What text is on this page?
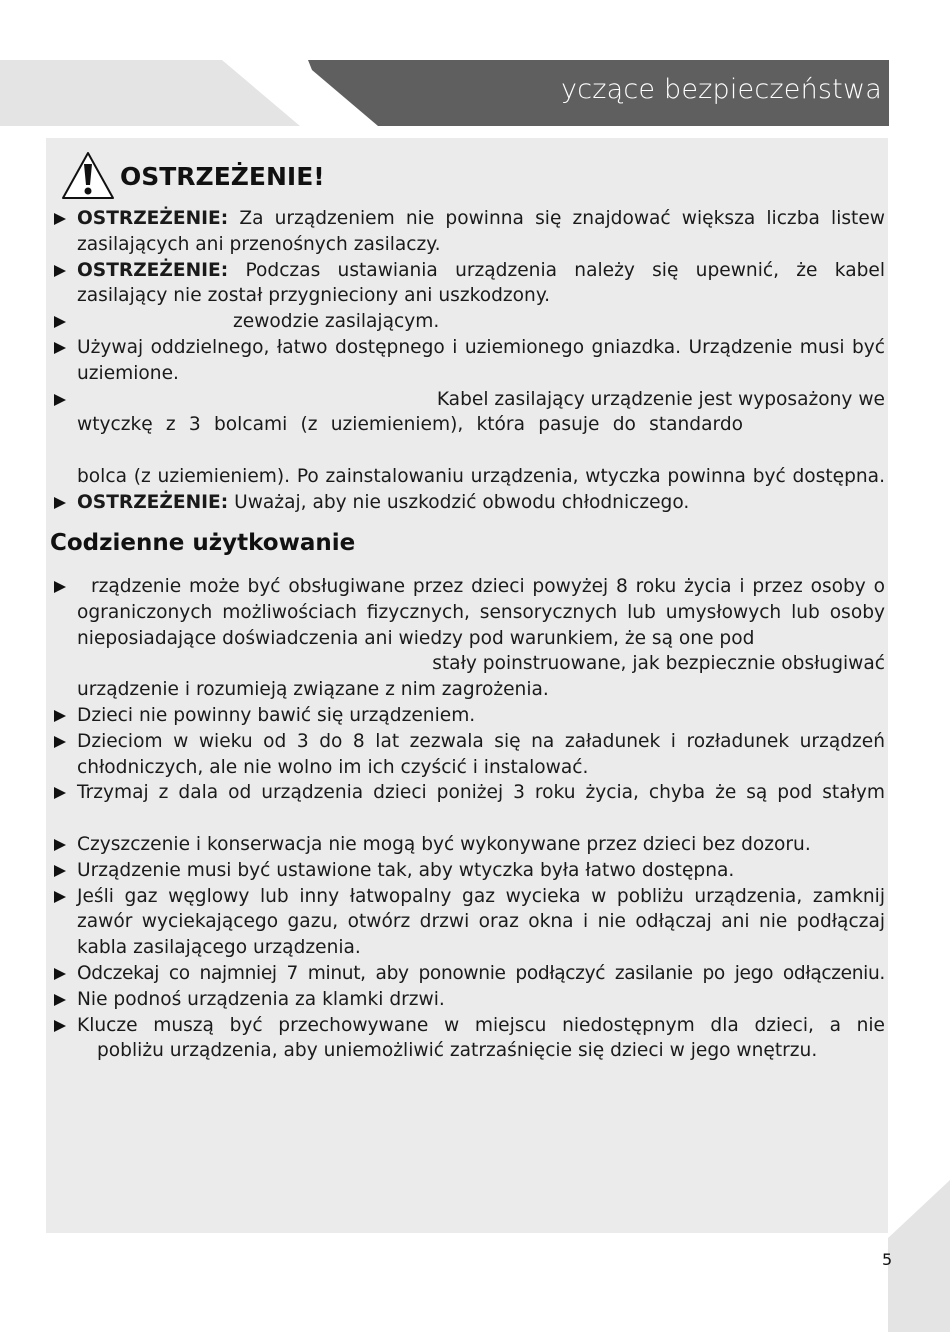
yczące bezpieczeństwa
OSTRZEŻENIE!
OSTRZEŻENIE: Za urządzeniem nie powinna się znajdować większa liczba listew zasilających ani przenośnych zasilaczy.
OSTRZEŻENIE: Podczas ustawiania urządzenia należy się upewnić, że kabel zasilający nie został przygnieciony ani uszkodzony.
zewodzie zasilającym.
Używaj oddzielnego, łatwo dostępnego i uziemionego gniazdka. Urządzenie musi być uziemione.
Kabel zasilający urządzenie jest wyposażony we
wtyczkę z 3 bolcami (z uziemieniem), która pasuje do standardo
bolca (z uziemieniem). Po zainstalowaniu urządzenia, wtyczka powinna być dostępna.
OSTRZEŻENIE: Uważaj, aby nie uszkodzić obwodu chłodniczego.
Codzienne użytkowanie
rządzenie może być obsługiwane przez dzieci powyżej 8 roku życia i przez osoby o ograniczonych możliwościach fizycznych, sensorycznych lub umysłowych lub osoby nieposiadające doświadczenia ani wiedzy pod warunkiem, że są one pod
stały poinstruowane, jak bezpiecznie obsługiwać
urządzenie i rozumieją związane z nim zagrożenia.
Dzieci nie powinny bawić się urządzeniem.
Dzieciom w wieku od 3 do 8 lat zezwala się na załadunek i rozładunek urządzeń chłodniczych, ale nie wolno im ich czyścić i instalować.
Trzymaj z dala od urządzenia dzieci poniżej 3 roku życia, chyba że są pod stałym
Czyszczenie i konserwacja nie mogą być wykonywane przez dzieci bez dozoru.
Urządzenie musi być ustawione tak, aby wtyczka była łatwo dostępna.
Jeśli gaz węglowy lub inny łatwopalny gaz wycieka w pobliżu urządzenia, zamknij zawór wyciekającego gazu, otwórz drzwi oraz okna i nie odłączaj ani nie podłączaj kabla zasilającego urządzenia.
Odczekaj co najmniej 7 minut, aby ponownie podłączyć zasilanie po jego odłączeniu.
Nie podnoś urządzenia za klamki drzwi.
Klucze muszą być przechowywane w miejscu niedostępnym dla dzieci, a nie
pobliżu urządzenia, aby uniemożliwić zatrzaśnięcie się dzieci w jego wnętrzu.
5
